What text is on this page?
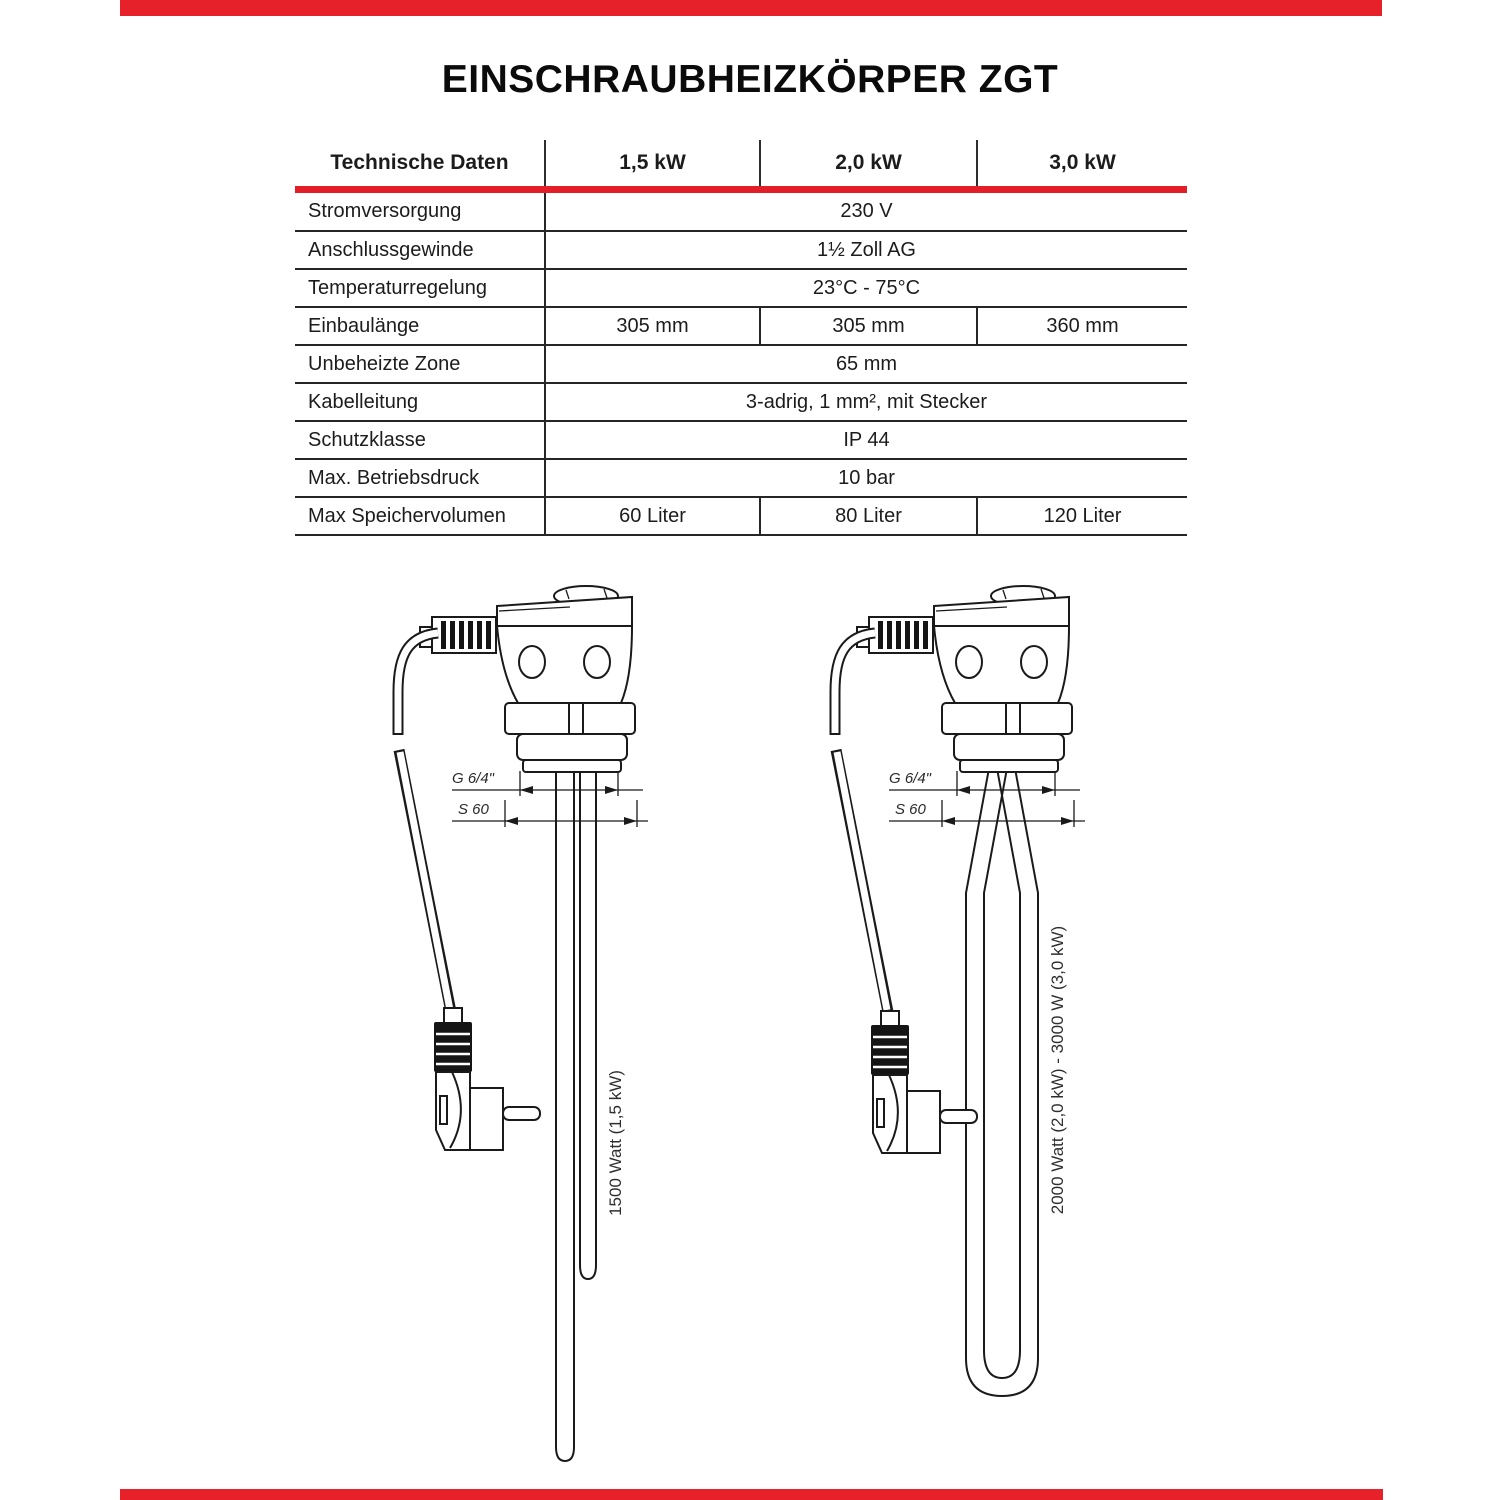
EINSCHRAUBHEIZKÖRPER ZGT
1500 Watt (1,5 kW)	2000 Watt (2,0 kW) - 3000 W (3,0 kW)
Technische Daten	1,5 kW	2,0 kW	3,0 kW

Stromversorgung	230 V		
Anschlussgewinde	1½ Zoll AG		
Temperaturregelung	23°C - 75°C		
Einbaulänge	305 mm	305 mm	360 mm
Unbeheizte Zone	65 mm		
Kabelleitung	3-adrig, 1 mm², mit Stecker		
Schutzklasse	IP 44		
Max. Betriebsdruck	10 bar		
Max Speichervolumen	60 Liter	80 Liter	120 Liter
